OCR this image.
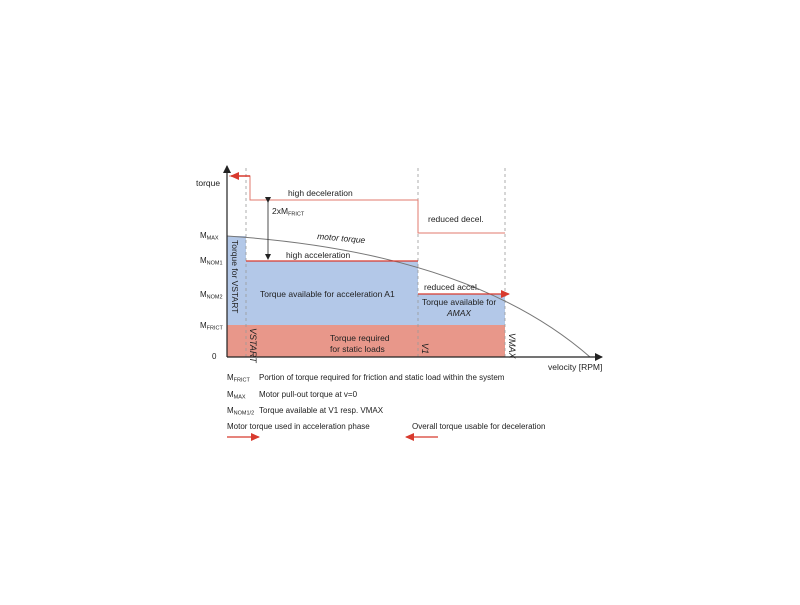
torque
velocity [RPM]
MMAX
MNOM1
MNOM2
MFRICT
0
Torque for VSTART Torque available for acceleration A1
Torque available for
AMAX
Torque required
for static loads
high deceleration
reduced decel.
2xMFRICT
motor torque
high acceleration
reduced accel.
VSTART	V1	VMAX
MFRICT Portion of torque required for friction and static load within the system
MMAX Motor pull-out torque at v=0
MNOM1/2 Torque available at V1 resp. VMAX
Motor torque used in acceleration phase	Overall torque usable for deceleration
